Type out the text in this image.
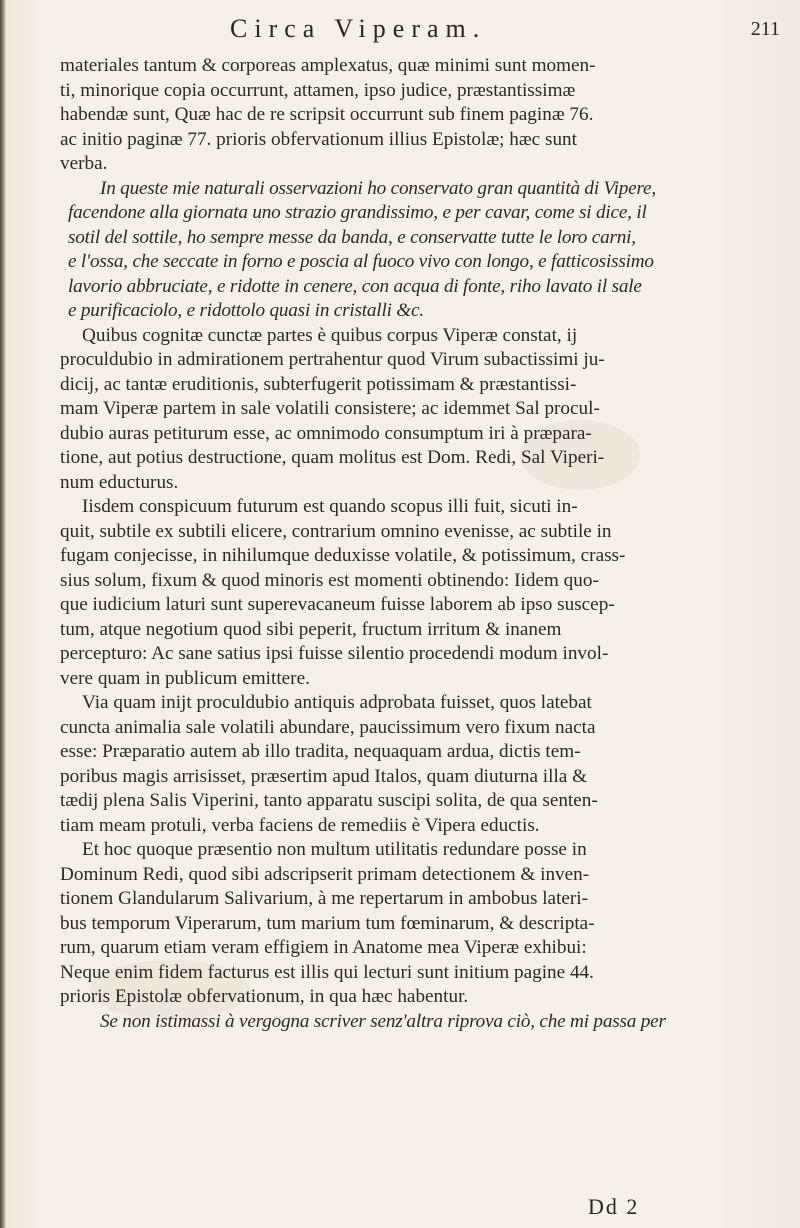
Circa Viperam.	211
materiales tantum & corporeas amplexatus, quæ minimi sunt momen-
ti, minorique copia occurrunt, attamen, ipso judice, præstantissimæ
habendæ sunt, Quæ hac de re scripsit occurrunt sub finem paginæ 76.
ac initio paginæ 77. prioris obfervationum illius Epistolæ; hæc sunt
verba.
In queste mie naturali osservazioni ho conservato gran quantità di Vipere,
facendone alla giornata uno strazio grandissimo, e per cavar, come si dice, il
sotil del sottile, ho sempre messe da banda, e conservatte tutte le loro carni,
e l'ossa, che seccate in forno e poscia al fuoco vivo con longo, e fatticosissimo
lavorio abbruciate, e ridotte in cenere, con acqua di fonte, riho lavato il sale
e purificaciolo, e ridottolo quasi in cristalli &c.
Quibus cognitæ cunctæ partes è quibus corpus Viperæ constat, ij
proculdubio in admirationem pertrahentur quod Virum subactissimi ju-
dicij, ac tantæ eruditionis, subterfugerit potissimam & præstantissi-
mam Viperæ partem in sale volatili consistere; ac idemmet Sal procul-
dubio auras petiturum esse, ac omnimodo consumptum iri à præpara-
tione, aut potius destructione, quam molitus est Dom. Redi, Sal Viperi-
num educturus.
Iisdem conspicuum futurum est quando scopus illi fuit, sicuti in-
quit, subtile ex subtili elicere, contrarium omnino evenisse, ac subtile in
fugam conjecisse, in nihilumque deduxisse volatile, & potissimum, crass-
sius solum, fixum & quod minoris est momenti obtinendo: Iidem quo-
que iudicium laturi sunt superevacaneum fuisse laborem ab ipso suscep-
tum, atque negotium quod sibi peperit, fructum irritum & inanem
percepturo: Ac sane satius ipsi fuisse silentio procedendi modum invol-
vere quam in publicum emittere.
Via quam inijt proculdubio antiquis adprobata fuisset, quos latebat
cuncta animalia sale volatili abundare, paucissimum vero fixum nacta
esse: Præparatio autem ab illo tradita, nequaquam ardua, dictis tem-
poribus magis arrisisset, præsertim apud Italos, quam diuturna illa &
tædij plena Salis Viperini, tanto apparatu suscipi solita, de qua senten-
tiam meam protuli, verba faciens de remediis è Vipera eductis.
Et hoc quoque præsentio non multum utilitatis redundare posse in
Dominum Redi, quod sibi adscripserit primam detectionem & inven-
tionem Glandularum Salivarium, à me repertarum in ambobus lateri-
bus temporum Viperarum, tum marium tum fœminarum, & descripta-
rum, quarum etiam veram effigiem in Anatome mea Viperæ exhibui:
Neque enim fidem facturus est illis qui lecturi sunt initium pagine 44.
prioris Epistolæ obfervationum, in qua hæc habentur.
Se non istimassi à vergogna scriver senz'altra riprova ciò, che mi passa per
Dd 2
